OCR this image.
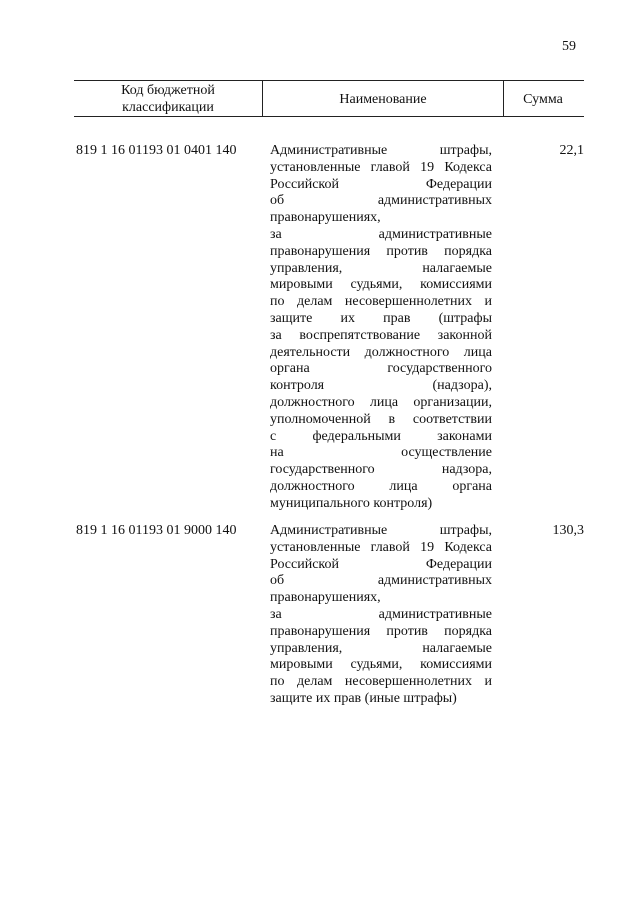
59
Код бюджетной классификации
Наименование	Сумма
819 1 16 01193 01 0401 140 Административные штрафы,
установленные главой 19 Кодекса
Российской Федерации
об административных
правонарушениях,
за административные
правонарушения против порядка
управления, налагаемые
мировыми судьями, комиссиями
по делам несовершеннолетних и
защите их прав (штрафы
за воспрепятствование законной
деятельности должностного лица
органа государственного
контроля (надзора),
должностного лица организации,
уполномоченной в соответствии
с федеральными законами
на осуществление
государственного надзора,
должностного лица органа
муниципального контроля)
22,1
819 1 16 01193 01 9000 140 Административные штрафы,
установленные главой 19 Кодекса
Российской Федерации
об административных
правонарушениях,
за административные
правонарушения против порядка
управления, налагаемые
мировыми судьями, комиссиями
по делам несовершеннолетних и
защите их прав (иные штрафы)
130,3
